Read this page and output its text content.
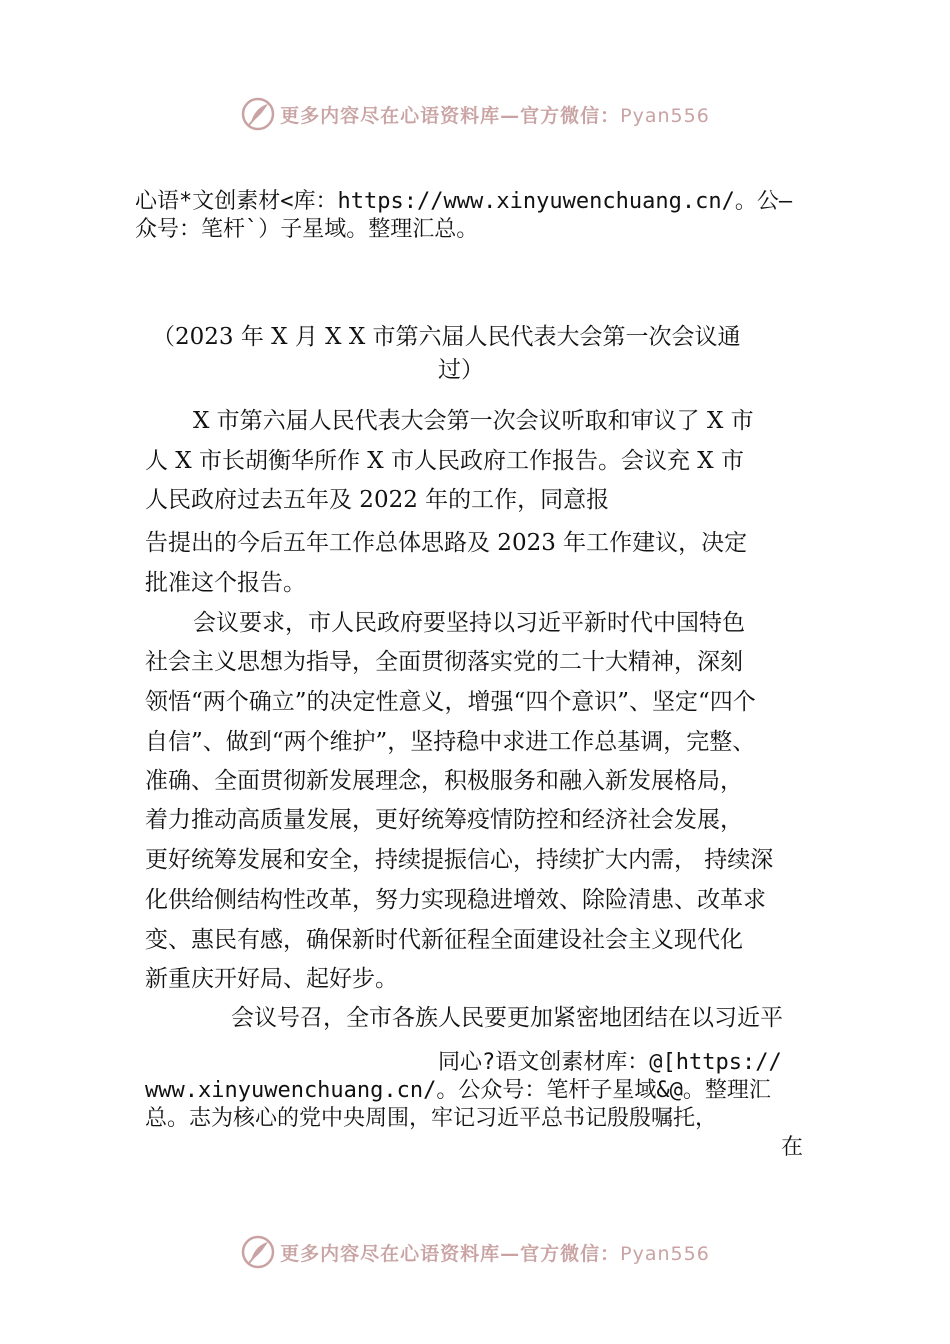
更多内容尽在心语资料库—官方微信：Pyan556
心语*文创素材<库：https://www.xinyuwenchuang.cn/。公—
众号：笔杆`）子星域。整理汇总。
（2023 年 X 月 X X 市第六届人民代表大会第一次会议通
过）
X 市第六届人民代表大会第一次会议听取和审议了 X 市
人 X 市长胡衡华所作 X 市人民政府工作报告。会议充 X 市
人民政府过去五年及 2022 年的工作，同意报
告提出的今后五年工作总体思路及 2023 年工作建议，决定
批准这个报告。
会议要求，市人民政府要坚持以习近平新时代中国特色
社会主义思想为指导，全面贯彻落实党的二十大精神，深刻
领悟“两个确立”的决定性意义，增强“四个意识”、坚定“四个
自信”、做到“两个维护”，坚持稳中求进工作总基调，完整、
准确、全面贯彻新发展理念，积极服务和融入新发展格局，
着力推动高质量发展，更好统筹疫情防控和经济社会发展，
更好统筹发展和安全，持续提振信心，持续扩大内需， 持续深
化供给侧结构性改革，努力实现稳进增效、除险清患、改革求
变、惠民有感，确保新时代新征程全面建设社会主义现代化
新重庆开好局、起好步。
会议号召，全市各族人民要更加紧密地团结在以习近平
同心?语文创素材库：@[https://
www.xinyuwenchuang.cn/。公众号：笔杆子星域&@。整理汇
总。志为核心的党中央周围，牢记习近平总书记殷殷嘱托，
在
更多内容尽在心语资料库—官方微信：Pyan556
